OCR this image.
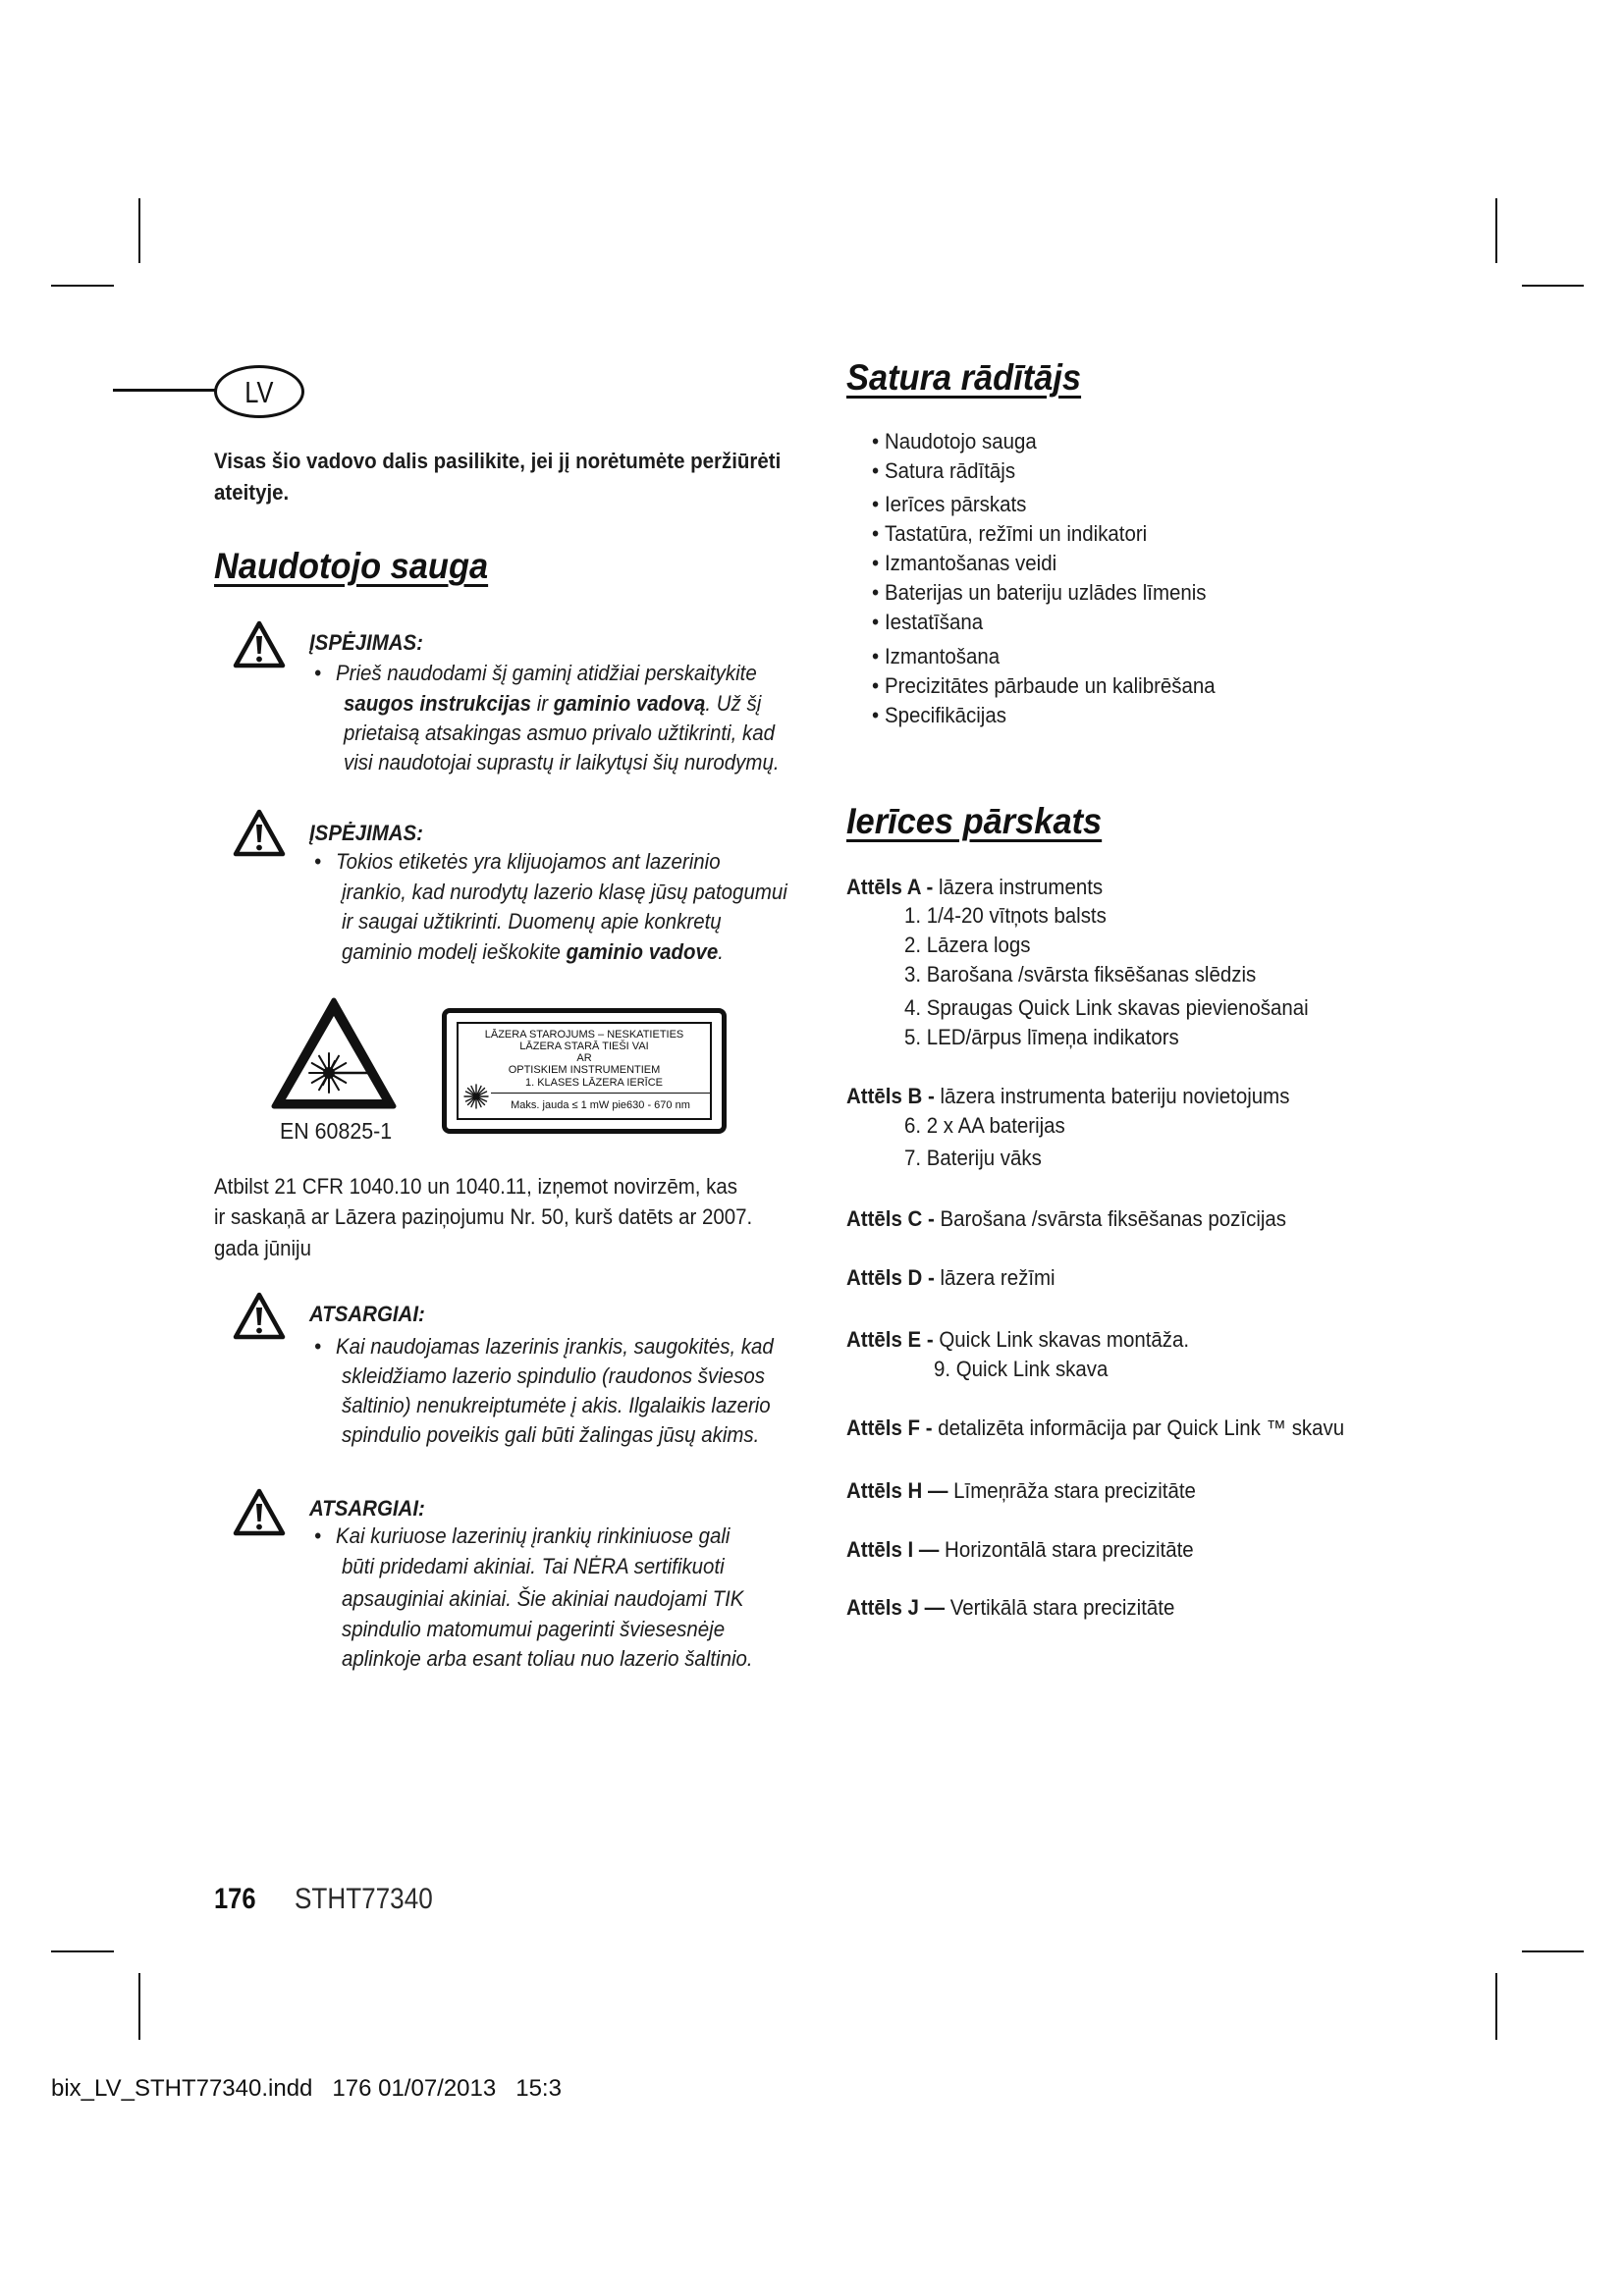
LV
Visas šio vadovo dalis pasilikite, jei jį norėtumėte peržiūrėti
ateityje.
Naudotojo sauga
ĮSPĖJIMAS:
• Prieš naudodami šį gaminį atidžiai perskaitykite
saugos instrukcijas ir gaminio vadovą. Už šį
prietaisą atsakingas asmuo privalo užtikrinti, kad
visi naudotojai suprastų ir laikytųsi šių nurodymų.
ĮSPĖJIMAS:
• Tokios etiketės yra klijuojamos ant lazerinio
įrankio, kad nurodytų lazerio klasę jūsų patogumui
ir saugai užtikrinti. Duomenų apie konkretų
gaminio modelį ieškokite gaminio vadove.
EN 60825-1
LĀZERA STAROJUMS – NESKATIETIES
LĀZERA STARĀ TIEŠI VAI
AR
OPTISKIEM INSTRUMENTIEM
1. KLASES LĀZERA IERĪCE
Maks. jauda ≤ 1 mW pie630 - 670 nm
Atbilst 21 CFR 1040.10 un 1040.11, izņemot novirzēm, kas
ir saskaņā ar Lāzera paziņojumu Nr. 50, kurš datēts ar 2007.
gada jūniju
ATSARGIAI:
• Kai naudojamas lazerinis įrankis, saugokitės, kad
skleidžiamo lazerio spindulio (raudonos šviesos
šaltinio) nenukreiptumėte į akis. Ilgalaikis lazerio
spindulio poveikis gali būti žalingas jūsų akims.
ATSARGIAI:
• Kai kuriuose lazerinių įrankių rinkiniuose gali
būti pridedami akiniai. Tai NĖRA sertifikuoti
apsauginiai akiniai. Šie akiniai naudojami TIK
spindulio matomumui pagerinti šviesesnėje
aplinkoje arba esant toliau nuo lazerio šaltinio.
Satura rādītājs
• Naudotojo sauga
• Satura rādītājs
• Ierīces pārskats
• Tastatūra, režīmi un indikatori
• Izmantošanas veidi
• Baterijas un bateriju uzlādes līmenis
• Iestatīšana
• Izmantošana
• Precizitātes pārbaude un kalibrēšana
• Specifikācijas
Ierīces pārskats
Attēls A - lāzera instruments
1. 1/4-20 vītņots balsts
2. Lāzera logs
3. Barošana /svārsta fiksēšanas slēdzis
4. Spraugas Quick Link skavas pievienošanai
5. LED/ārpus līmeņa indikators
Attēls B - lāzera instrumenta bateriju novietojums
6. 2 x AA baterijas
7. Bateriju vāks
Attēls C - Barošana /svārsta fiksēšanas pozīcijas
Attēls D - lāzera režīmi
Attēls E - Quick Link skavas montāža.
9. Quick Link skava
Attēls F - detalizēta informācija par Quick Link ™ skavu
Attēls H — Līmeņrāža stara precizitāte
Attēls I — Horizontālā stara precizitāte
Attēls J — Vertikālā stara precizitāte
176 STHT77340
bix_LV_STHT77340.indd   176 01/07/2013   15:3
